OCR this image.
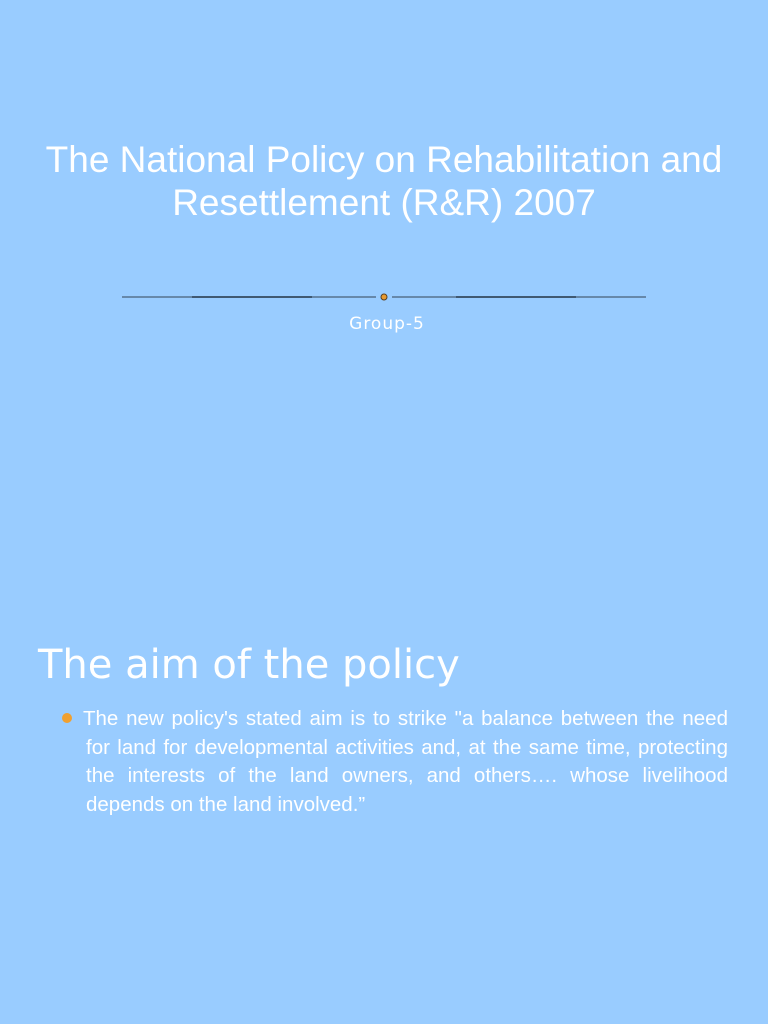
The National Policy on Rehabilitation and Resettlement (R&R) 2007

Group-5

The aim of the policy
The new policy's stated aim is to strike "a balance between the need for land for developmental activities and, at the same time, protecting the interests of the land owners, and others…. whose livelihood depends on the land involved.”
